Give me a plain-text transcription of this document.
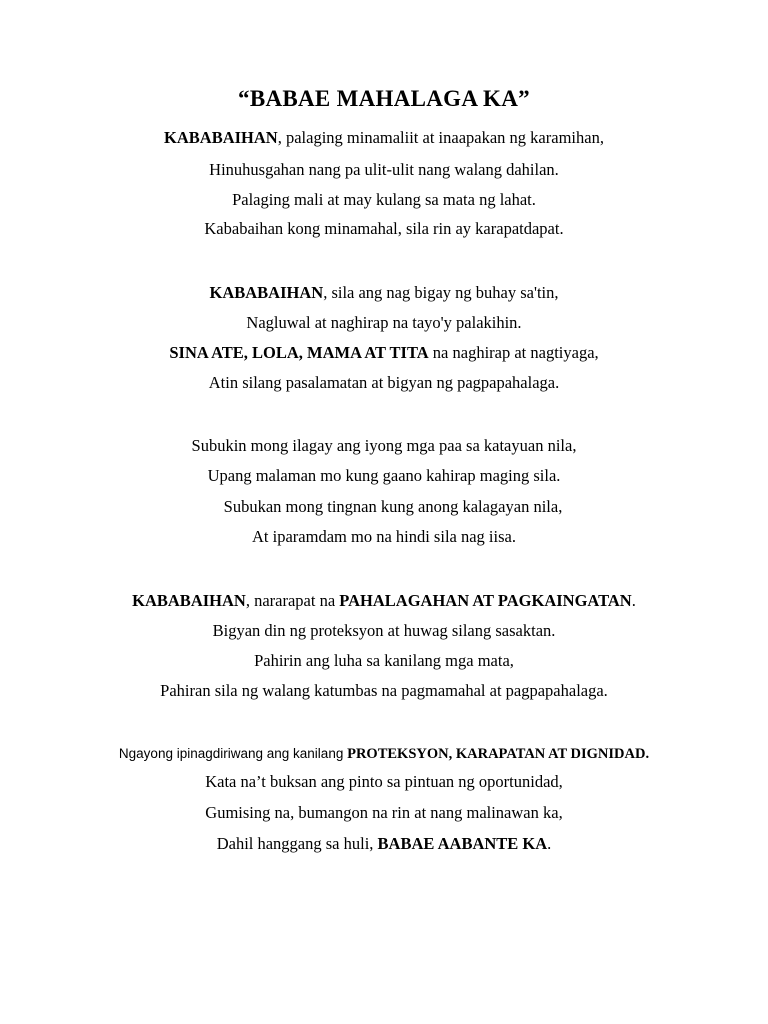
“BABAE MAHALAGA KA”
KABABAIHAN, palaging minamaliit at inaapakan ng karamihan,
Hinuhusgahan nang pa ulit-ulit nang walang dahilan.
Palaging mali at may kulang sa mata ng lahat.
Kababaihan kong minamahal, sila rin ay karapatdapat.
KABABAIHAN, sila ang nag bigay ng buhay sa'tin,
Nagluwal at naghirap na tayo'y palakihin.
SINA ATE, LOLA, MAMA AT TITA na naghirap at nagtiyaga,
Atin silang pasalamatan at bigyan ng pagpapahalaga.
Subukin mong ilagay ang iyong mga paa sa katayuan nila,
Upang malaman mo kung gaano kahirap maging sila.
Subukan mong tingnan kung anong kalagayan nila,
At iparamdam mo na hindi sila nag iisa.
KABABAIHAN, nararapat na PAHALAGAHAN AT PAGKAINGATAN.
Bigyan din ng proteksyon at huwag silang sasaktan.
Pahirin ang luha sa kanilang mga mata,
Pahiran sila ng walang katumbas na pagmamahal at pagpapahalaga.
Ngayong ipinagdiriwang ang kanilang PROTEKSYON, KARAPATAN AT DIGNIDAD.
Kata na’t buksan ang pinto sa pintuan ng oportunidad,
Gumising na, bumangon na rin at nang malinawan ka,
Dahil hanggang sa huli, BABAE AABANTE KA.
